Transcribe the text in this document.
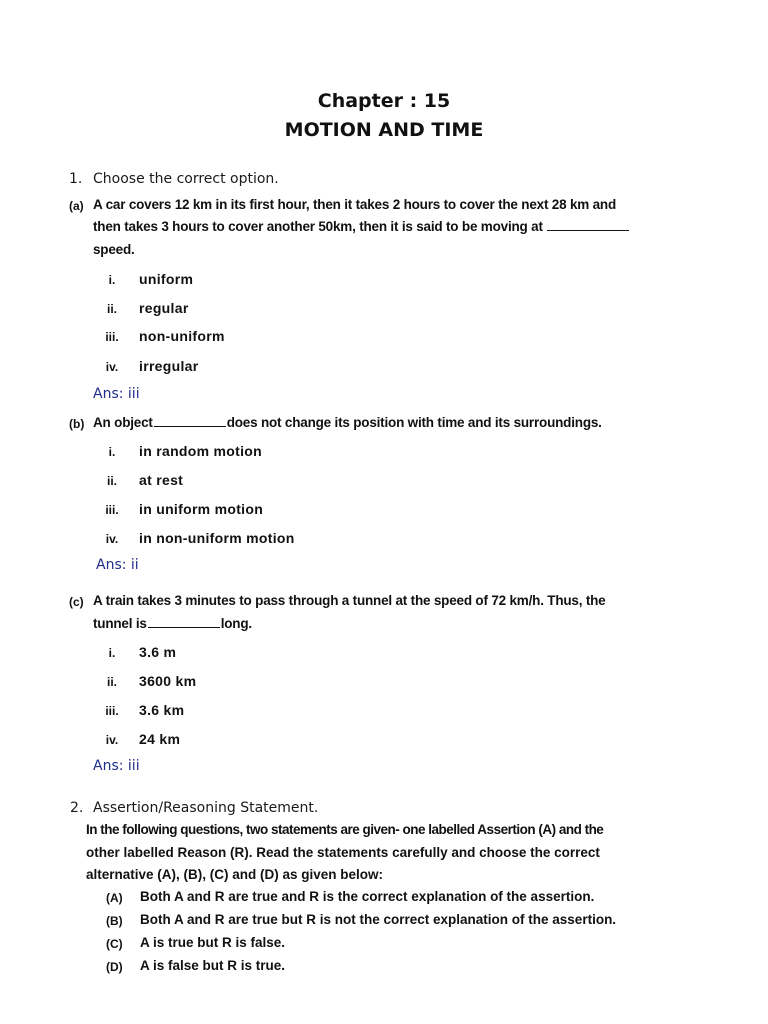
Chapter : 15
MOTION AND TIME
1. Choose the correct option.
(a) A car covers 12 km in its first hour, then it takes 2 hours to cover the next 28 km and
then takes 3 hours to cover another 50km, then it is said to be moving at
speed.
i.	uniform
ii.	regular
iii.	non-uniform
iv.	irregular
Ans: iii
(b) An object	does not change its position with time and its surroundings.
i.	in random motion
ii.	at rest
iii.	in uniform motion
iv.	in non-uniform motion
Ans: ii
(c) A train takes 3 minutes to pass through a tunnel at the speed of 72 km/h. Thus, the
tunnel is	long.
i.	3.6 m
ii.	3600 km
iii.	3.6 km
iv.	24 km
Ans: iii
2. Assertion/Reasoning Statement.
In the following questions, two statements are given- one labelled Assertion (A) and the
other labelled Reason (R). Read the statements carefully and choose the correct
alternative (A), (B), (C) and (D) as given below:
(A) Both A and R are true and R is the correct explanation of the assertion.
(B) Both A and R are true but R is not the correct explanation of the assertion.
(C) A is true but R is false.
(D) A is false but R is true.
